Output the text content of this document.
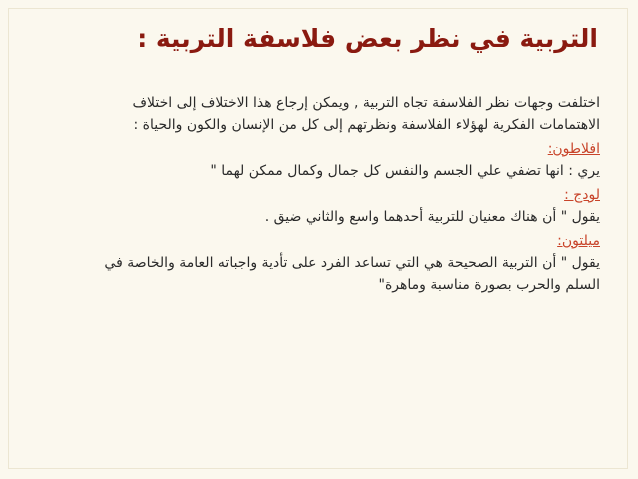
التربية في نظر بعض فلاسفة التربية :

اختلفت وجهات نظر الفلاسفة تجاه التربية , ويمكن إرجاع هذا الاختلاف إلى اختلاف

الاهتمامات الفكرية لهؤلاء الفلاسفة ونظرتهم إلى كل من الإنسان والكون والحياة :

افلاطون:

يري : انها تضفي علي الجسم والنفس كل جمال وكمال ممكن لهما "

لودج :

يقول " أن هناك معنيان للتربية أحدهما واسع والثاني ضيق .

ميلتون:

يقول " أن التربية الصحيحة هي التي تساعد الفرد على تأدية واجباته العامة والخاصة في

السلم والحرب بصورة مناسبة وماهرة"
